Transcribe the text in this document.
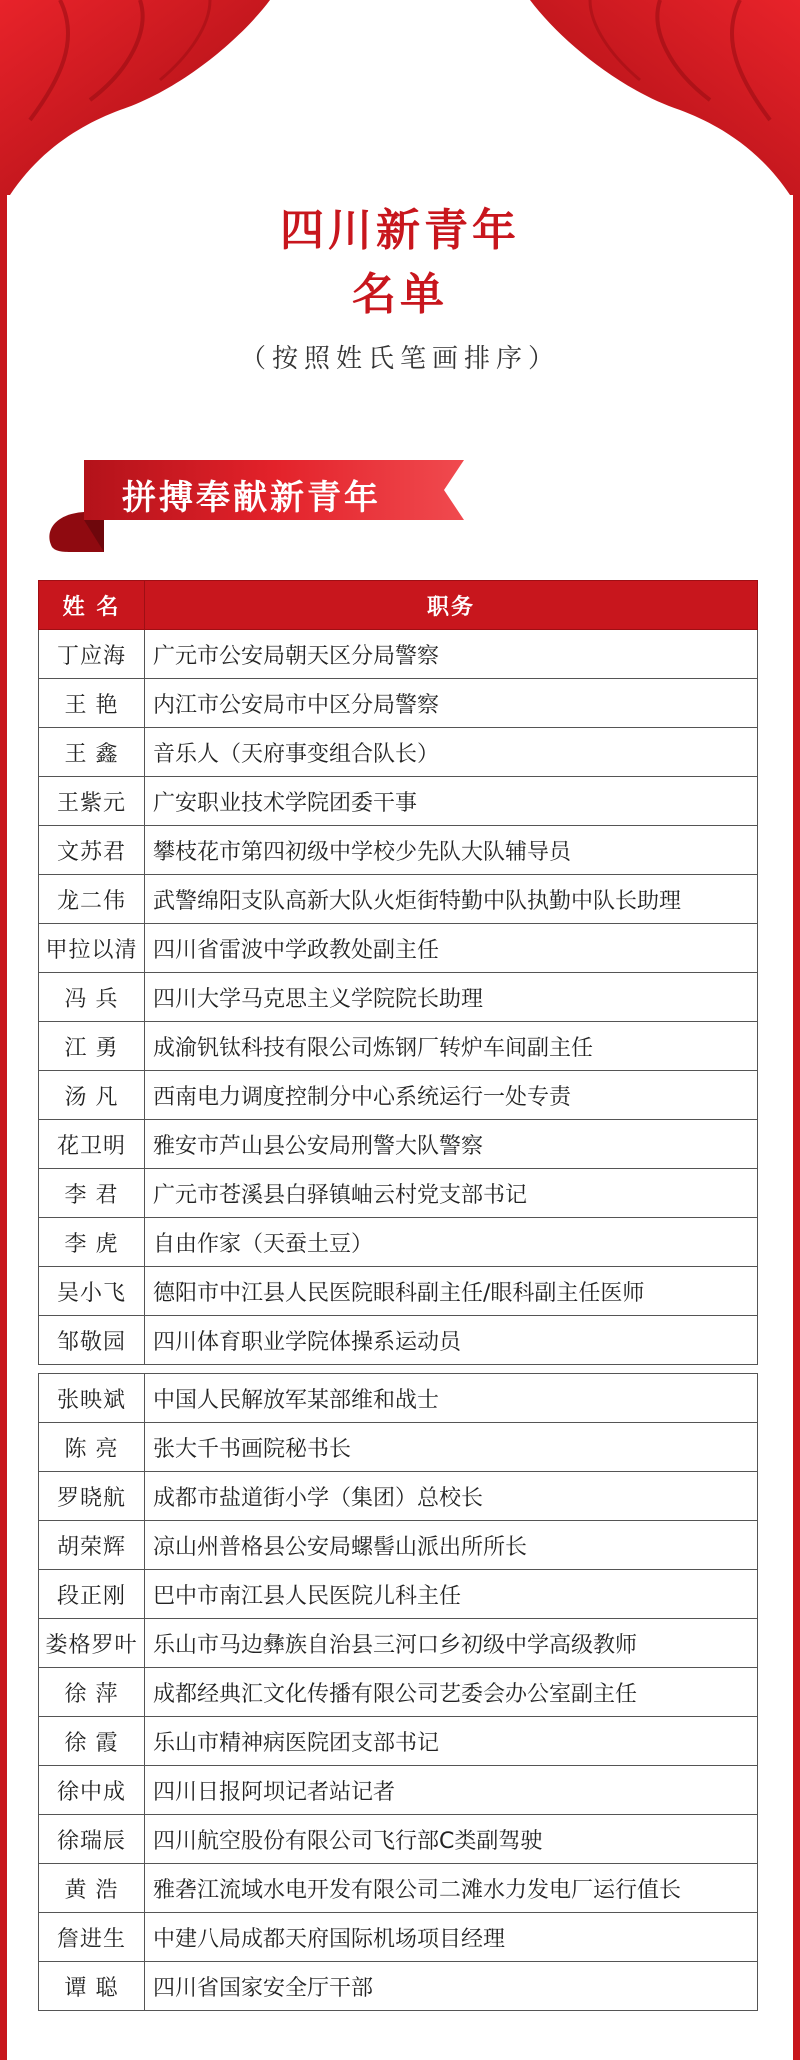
四川新青年
名单
（按照姓氏笔画排序）
拼搏奉献新青年
姓 名	职务
丁应海	广元市公安局朝天区分局警察
王 艳	内江市公安局市中区分局警察
王 鑫	音乐人（天府事变组合队长）
王紫元	广安职业技术学院团委干事
文苏君	攀枝花市第四初级中学校少先队大队辅导员
龙二伟	武警绵阳支队高新大队火炬街特勤中队执勤中队长助理
甲拉以清	四川省雷波中学政教处副主任
冯 兵	四川大学马克思主义学院院长助理
江 勇	成渝钒钛科技有限公司炼钢厂转炉车间副主任
汤 凡	西南电力调度控制分中心系统运行一处专责
花卫明	雅安市芦山县公安局刑警大队警察
李 君	广元市苍溪县白驿镇岫云村党支部书记
李 虎	自由作家（天蚕土豆）
吴小飞	德阳市中江县人民医院眼科副主任/眼科副主任医师
邹敬园	四川体育职业学院体操系运动员

张映斌	中国人民解放军某部维和战士
陈 亮	张大千书画院秘书长
罗晓航	成都市盐道街小学（集团）总校长
胡荣辉	凉山州普格县公安局螺髻山派出所所长
段正刚	巴中市南江县人民医院儿科主任
娄格罗叶	乐山市马边彝族自治县三河口乡初级中学高级教师
徐 萍	成都经典汇文化传播有限公司艺委会办公室副主任
徐 霞	乐山市精神病医院团支部书记
徐中成	四川日报阿坝记者站记者
徐瑞辰	四川航空股份有限公司飞行部C类副驾驶
黄 浩	雅砻江流域水电开发有限公司二滩水力发电厂运行值长
詹进生	中建八局成都天府国际机场项目经理
谭 聪	四川省国家安全厅干部
